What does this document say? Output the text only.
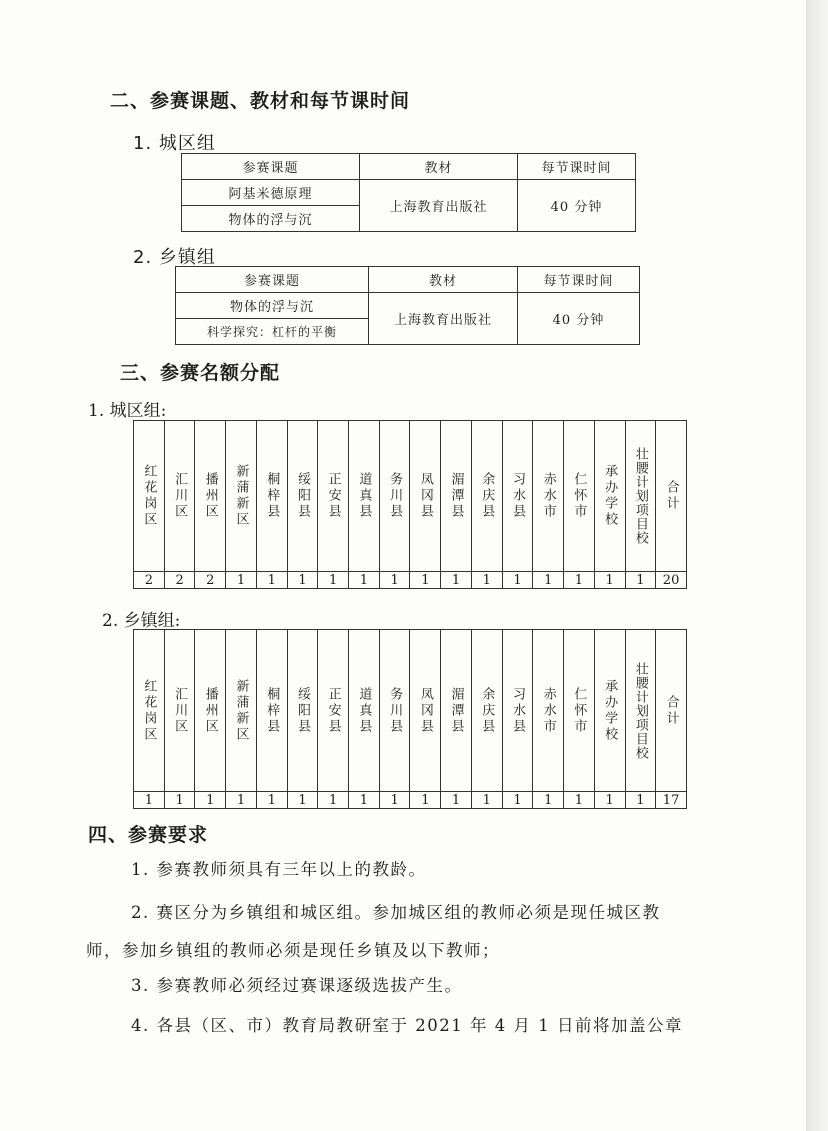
二、参赛课题、教材和每节课时间
1. 城区组
参赛课题	教材	每节课时间
阿基米德原理	上海教育出版社	40 分钟
物体的浮与沉		
2. 乡镇组
参赛课题	教材	每节课时间
物体的浮与沉	上海教育出版社	40 分钟
科学探究：杠杆的平衡		
三、参赛名额分配
1. 城区组:
红花岗区 汇川区 播州区 新蒲新区 桐梓县 绥阳县 正安县 道真县 务川县 凤冈县 湄潭县 余庆县 习水县 赤水市 仁怀市 承办学校 壮腰计划项目校 合计
2	2	2	1	1	1	1	1	1	1	1	1	1	1	1	1	1	20
2. 乡镇组:
红花岗区 汇川区 播州区 新蒲新区 桐梓县 绥阳县 正安县 道真县 务川县 凤冈县 湄潭县 余庆县 习水县 赤水市 仁怀市 承办学校 壮腰计划项目校 合计
1	1	1	1	1	1	1	1	1	1	1	1	1	1	1	1	1	17
四、参赛要求
1. 参赛教师须具有三年以上的教龄。
2. 赛区分为乡镇组和城区组。参加城区组的教师必须是现任城区教
师，参加乡镇组的教师必须是现任乡镇及以下教师；
3. 参赛教师必须经过赛课逐级选拔产生。
4. 各县（区、市）教育局教研室于 2021 年 4 月 1 日前将加盖公章
